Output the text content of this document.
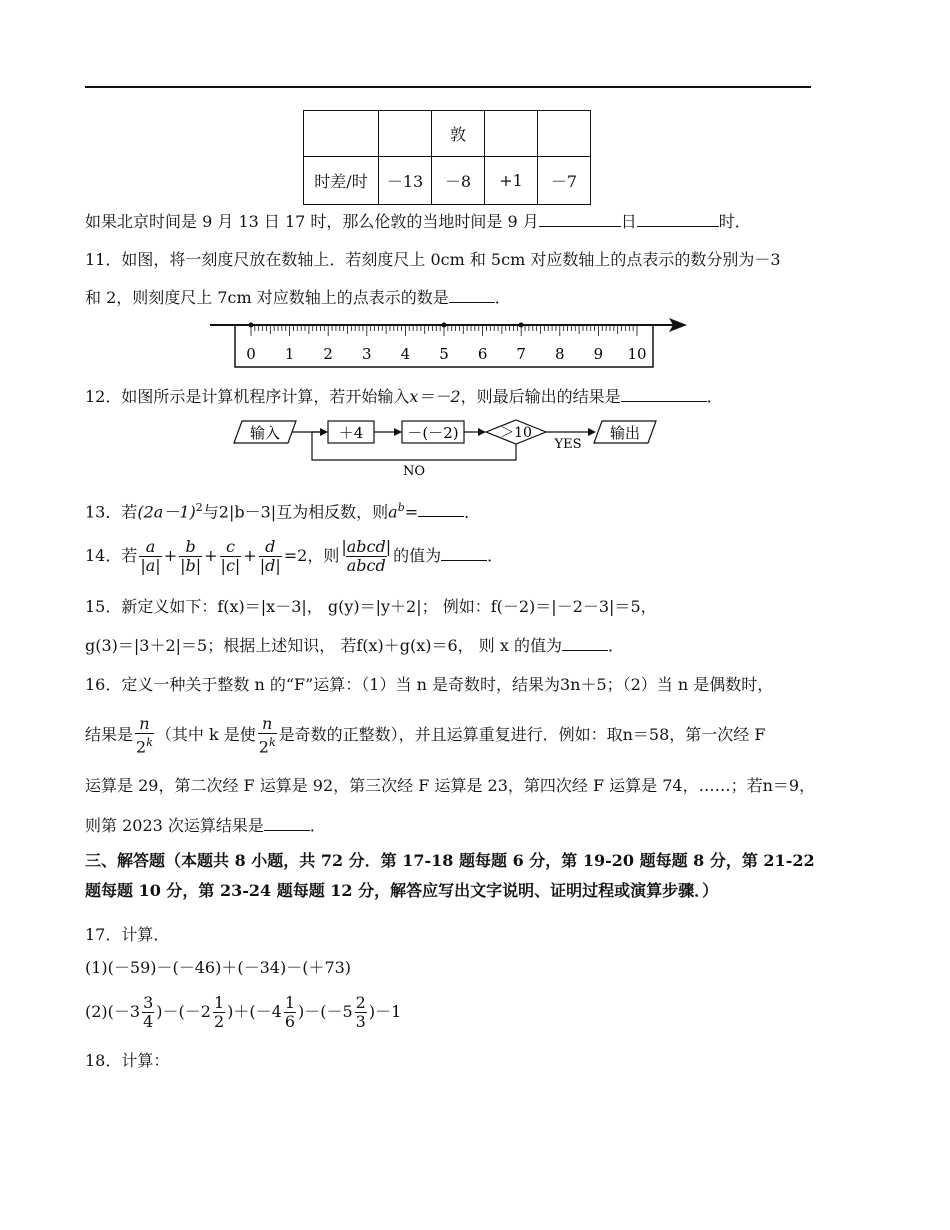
		敦		
时差/时	－13	－8	+1	－7
如果北京时间是 9 月 13 日 17 时，那么伦敦的当地时间是 9 月	日	时．
11．如图，将一刻度尺放在数轴上．若刻度尺上 0cm 和 5cm 对应数轴上的点表示的数分别为－3
和 2，则刻度尺上 7cm 对应数轴上的点表示的数是	．
0 1 2 3 4 5 6 7 8 9 10
12．如图所示是计算机程序计算，若开始输入x＝－2，则最后输出的结果是	．
输入	＋4	－(－2)	＞10
YES
输出
NO
13．若$(2a-1)^2$与2|b－3|互为相反数，则$a^b=$	．
14．若 $\frac{a}{|a|} + \frac{b}{|b|} + \frac{c}{|c|} + \frac{d}{|d|} =2$，则 $\frac{\text{|abcd|}}{\text{abcd}}$ 的值为	．
15．新定义如下：f(x)＝|x－3|， g(y)＝|y＋2|； 例如：f(－2)＝|－2－3|＝5，
g(3)＝|3＋2|＝5；根据上述知识， 若f(x)＋g(x)＝6， 则 x 的值为	．
16．定义一种关于整数 n 的“F”运算：（1）当 n 是奇数时，结果为3n＋5；（2）当 n 是偶数时，
结果是 $\frac{n}{2^k}$ （其中 k 是使 $\frac{n}{2^k}$ 是奇数的正整数），并且运算重复进行．例如：取n＝58，第一次经 F
运算是 29，第二次经 F 运算是 92，第三次经 F 运算是 23，第四次经 F 运算是 74，……；若n＝9，
则第 2023 次运算结果是	．
三、解答题（本题共 8 小题，共 72 分．第 17-18 题每题 6 分，第 19-20 题每题 8 分，第 21-22 题每题 10 分，第 23-24 题每题 12 分，解答应写出文字说明、证明过程或演算步骤．）
17．计算．
(1)(－59)－(－46)＋(－34)－(＋73)
$(2)(-3 \frac{3}{4} )-(-2 \frac{1}{2} )+(-4 \frac{1}{6} )-(-5 \frac{2}{3} )-1$
18．计算：
